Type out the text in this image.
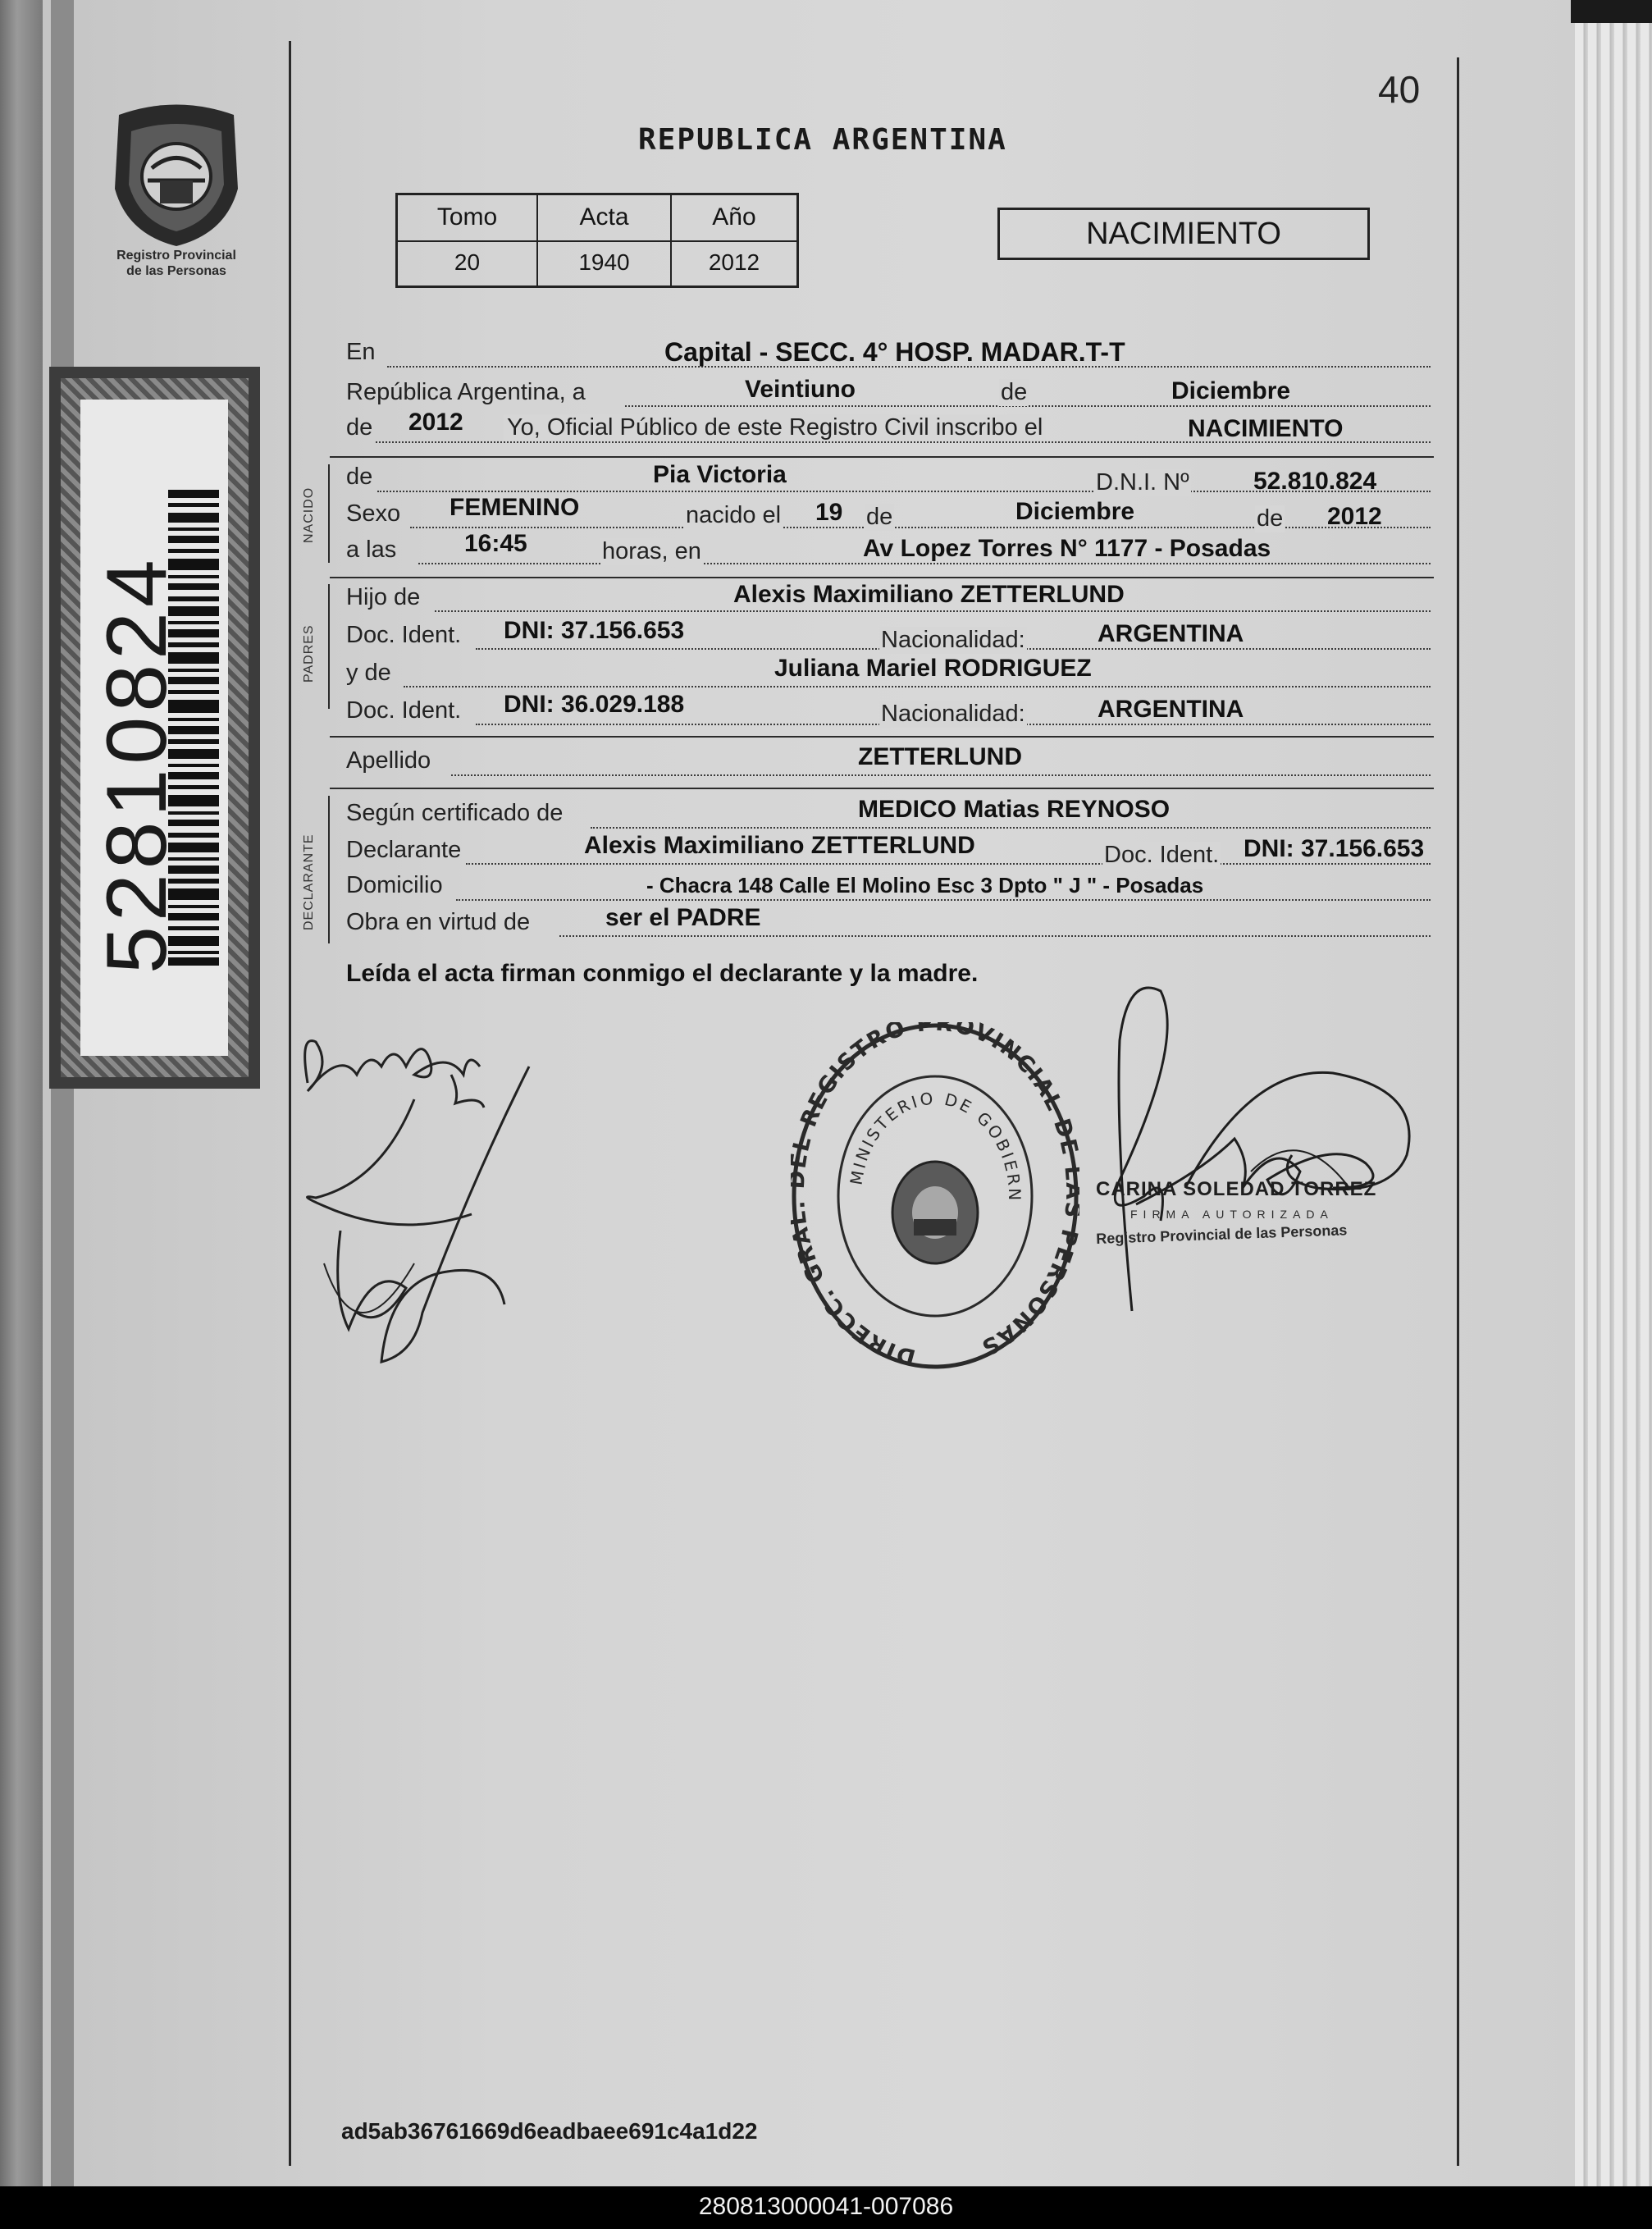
40
Registro Provincial
de las Personas
52810824
REPUBLICA ARGENTINA
Tomo	Acta	Año
20	1940	2012
NACIMIENTO
En	Capital - SECC. 4° HOSP. MADAR.T-T
República Argentina, a	Veintiuno	de	Diciembre
de 2012 Yo, Oficial Público de este Registro Civil inscribo el	NACIMIENTO
NACIDO
de	Pia Victoria	D.N.I. Nº	52.810.824
Sexo FEMENINO	nacido el 19 de	Diciembre	de 2012
a las	16:45	horas, en	Av Lopez Torres N° 1177 - Posadas
PADRES
Hijo de	Alexis Maximiliano ZETTERLUND
Doc. Ident. DNI: 37.156.653	Nacionalidad:	ARGENTINA
y de	Juliana Mariel RODRIGUEZ
Doc. Ident. DNI: 36.029.188	Nacionalidad:	ARGENTINA
Apellido	ZETTERLUND
DECLARANTE
Según certificado de	MEDICO Matias REYNOSO
Declarante	Alexis Maximiliano ZETTERLUND	Doc. Ident. DNI: 37.156.653
Domicilio	- Chacra 148 Calle El Molino Esc 3 Dpto " J " - Posadas
Obra en virtud de	ser el PADRE
Leída el acta firman conmigo el declarante y la madre.
DIRECC. GR L REGISTRO PROVINCIAL D PERSONAS
MINISTERIO DE GOBIERN	CARINA SOLEDAD TORREZ
FIRMA AUTORIZADA
Registro Provincial de las Personas
ad5ab36761669d6eadbaee691c4a1d22
280813000041-007086
